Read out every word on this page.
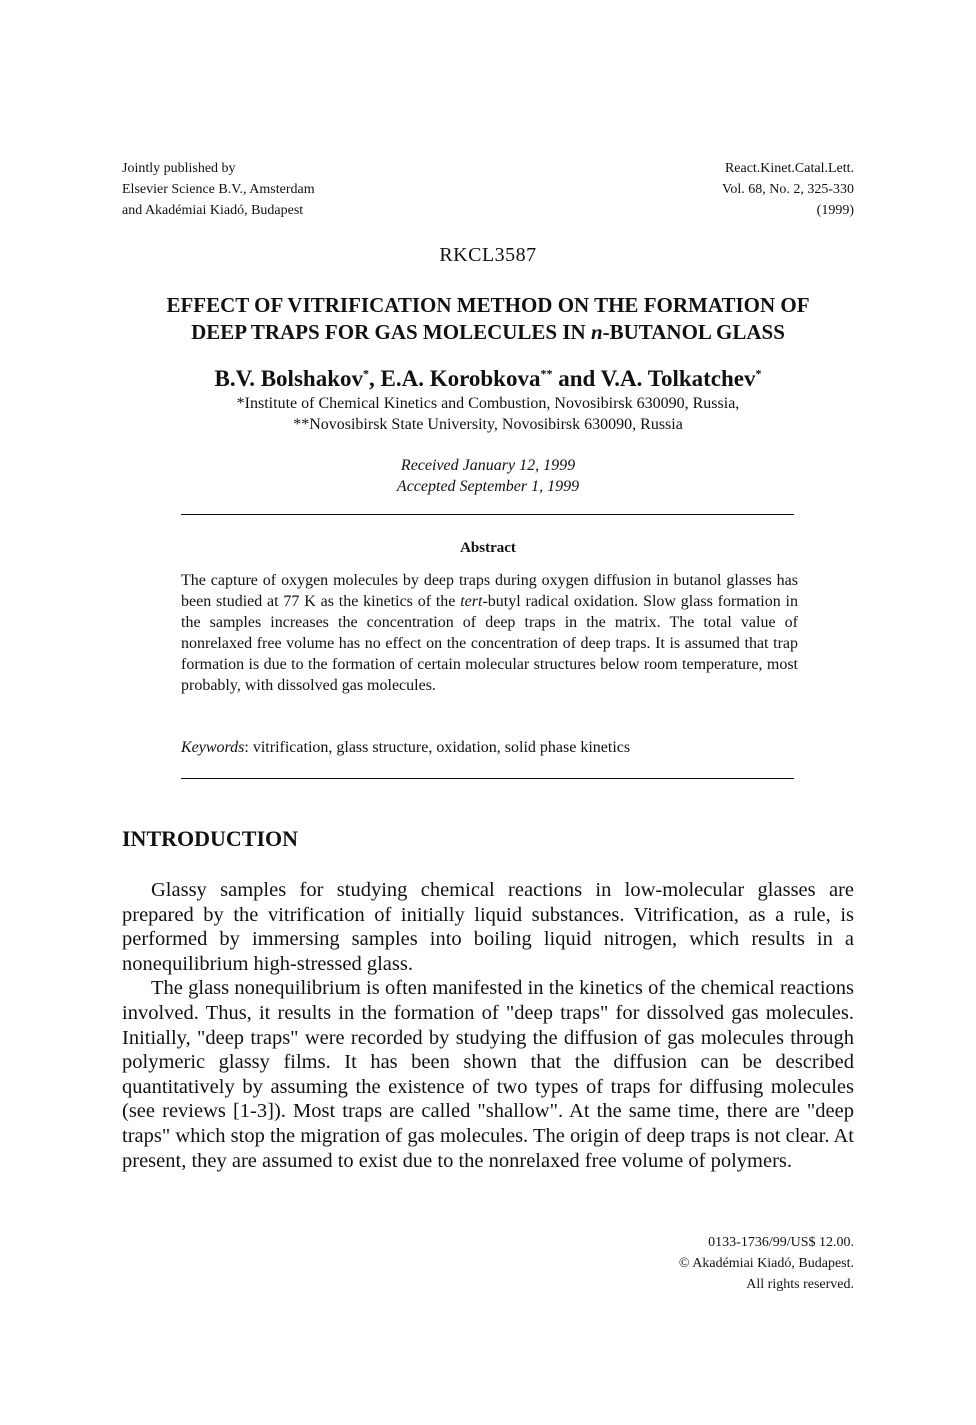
Jointly published by
Elsevier Science B.V., Amsterdam
and Akadémiai Kiadó, Budapest
React.Kinet.Catal.Lett.
Vol. 68, No. 2, 325-330
(1999)
RKCL3587
EFFECT OF VITRIFICATION METHOD ON THE FORMATION OF
DEEP TRAPS FOR GAS MOLECULES IN n-BUTANOL GLASS
B.V. Bolshakov*, E.A. Korobkova** and V.A. Tolkatchev*
*Institute of Chemical Kinetics and Combustion, Novosibirsk 630090, Russia,
**Novosibirsk State University, Novosibirsk 630090, Russia
Received January 12, 1999
Accepted September 1, 1999
Abstract
The capture of oxygen molecules by deep traps during oxygen diffusion in butanol glasses has been studied at 77 K as the kinetics of the tert-butyl radical oxidation. Slow glass formation in the samples increases the concentration of deep traps in the matrix. The total value of nonrelaxed free volume has no effect on the concentration of deep traps. It is assumed that trap formation is due to the formation of certain molecular structures below room temperature, most probably, with dissolved gas molecules.
Keywords: vitrification, glass structure, oxidation, solid phase kinetics
INTRODUCTION

Glassy samples for studying chemical reactions in low-molecular glasses are prepared by the vitrification of initially liquid substances. Vitrification, as a rule, is performed by immersing samples into boiling liquid nitrogen, which results in a nonequilibrium high-stressed glass.

The glass nonequilibrium is often manifested in the kinetics of the chemical reactions involved. Thus, it results in the formation of "deep traps" for dissolved gas molecules. Initially, "deep traps" were recorded by studying the diffusion of gas molecules through polymeric glassy films. It has been shown that the diffusion can be described quantitatively by assuming the existence of two types of traps for diffusing molecules (see reviews [1-3]). Most traps are called "shallow". At the same time, there are "deep traps" which stop the migration of gas molecules. The origin of deep traps is not clear. At present, they are assumed to exist due to the nonrelaxed free volume of polymers.

0133-1736/99/US$ 12.00.
© Akadémiai Kiadó, Budapest.
All rights reserved.
